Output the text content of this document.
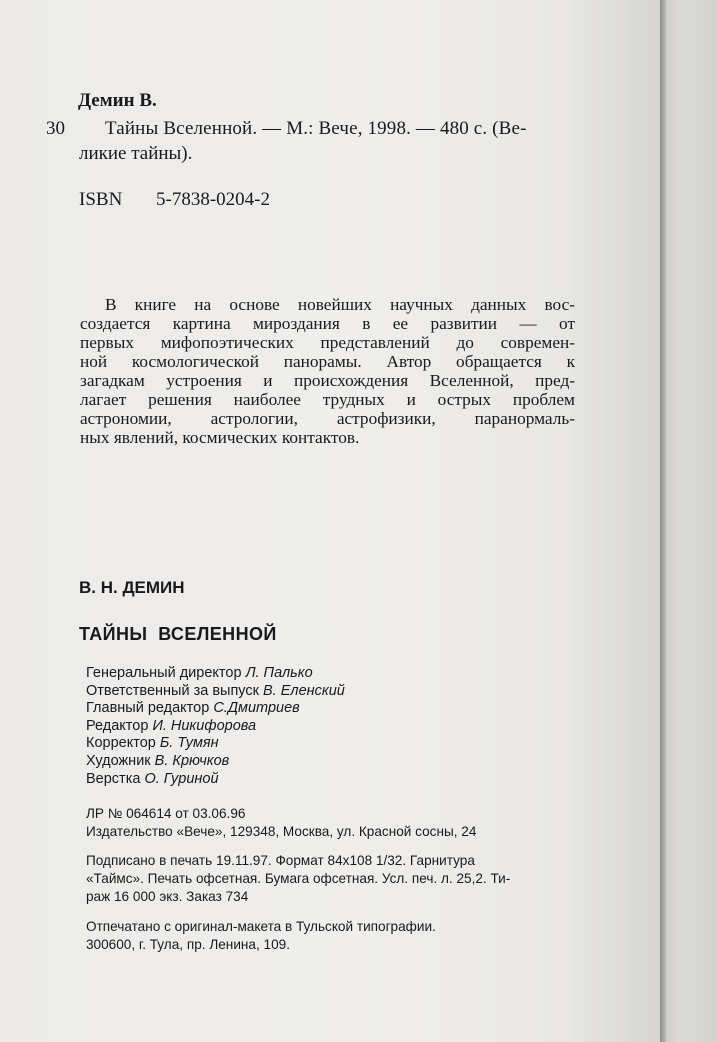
Демин В.
30 Тайны Вселенной. — М.: Вече, 1998. — 480 с. (Ве-
ликие тайны).
ISBN 5-7838-0204-2
В книге на основе новейших научных данных вос-
создается картина мироздания в ее развитии — от
первых мифопоэтических представлений до современ-
ной космологической панорамы. Автор обращается к
загадкам устроения и происхождения Вселенной, пред-
лагает решения наиболее трудных и острых проблем
астрономии, астрологии, астрофизики, паранормаль-
ных явлений, космических контактов.
В. Н. ДЕМИН
ТАЙНЫ  ВСЕЛЕННОЙ
Генеральный директор Л. Палько
Ответственный за выпуск В. Еленский
Главный редактор С.Дмитриев
Редактор И. Никифорова
Корректор Б. Тумян
Художник В. Крючков
Верстка О. Гуриной
ЛР № 064614 от 03.06.96
Издательство «Вече», 129348, Москва, ул. Красной сосны, 24
Подписано в печать 19.11.97. Формат 84x108 1/32. Гарнитура
«Таймс». Печать офсетная. Бумага офсетная. Усл. печ. л. 25,2. Ти-
раж 16 000 экз. Заказ 734
Отпечатано с оригинал-макета в Тульской типографии.
300600, г. Тула, пр. Ленина, 109.
